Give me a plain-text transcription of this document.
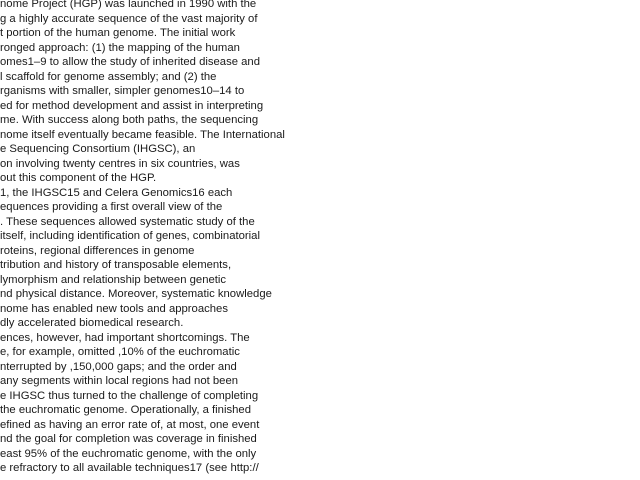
nome Project (HGP) was launched in 1990 with the
g a highly accurate sequence of the vast majority of
t portion of the human genome. The initial work
ronged approach: (1) the mapping of the human
omes1–9 to allow the study of inherited disease and
l scaffold for genome assembly; and (2) the
rganisms with smaller, simpler genomes10–14 to
ed for method development and assist in interpreting
me. With success along both paths, the sequencing
nome itself eventually became feasible. The International
e Sequencing Consortium (IHGSC), an
on involving twenty centres in six countries, was
out this component of the HGP.
1, the IHGSC15 and Celera Genomics16 each
equences providing a first overall view of the
. These sequences allowed systematic study of the
itself, including identification of genes, combinatorial
roteins, regional differences in genome
tribution and history of transposable elements,
lymorphism and relationship between genetic
nd physical distance. Moreover, systematic knowledge
nome has enabled new tools and approaches
dly accelerated biomedical research.
ences, however, had important shortcomings. The
e, for example, omitted ,10% of the euchromatic
nterrupted by ,150,000 gaps; and the order and
any segments within local regions had not been
e IHGSC thus turned to the challenge of completing
the euchromatic genome. Operationally, a finished
efined as having an error rate of, at most, one event
nd the goal for completion was coverage in finished
east 95% of the euchromatic genome, with the only
e refractory to all available techniques17 (see http://
